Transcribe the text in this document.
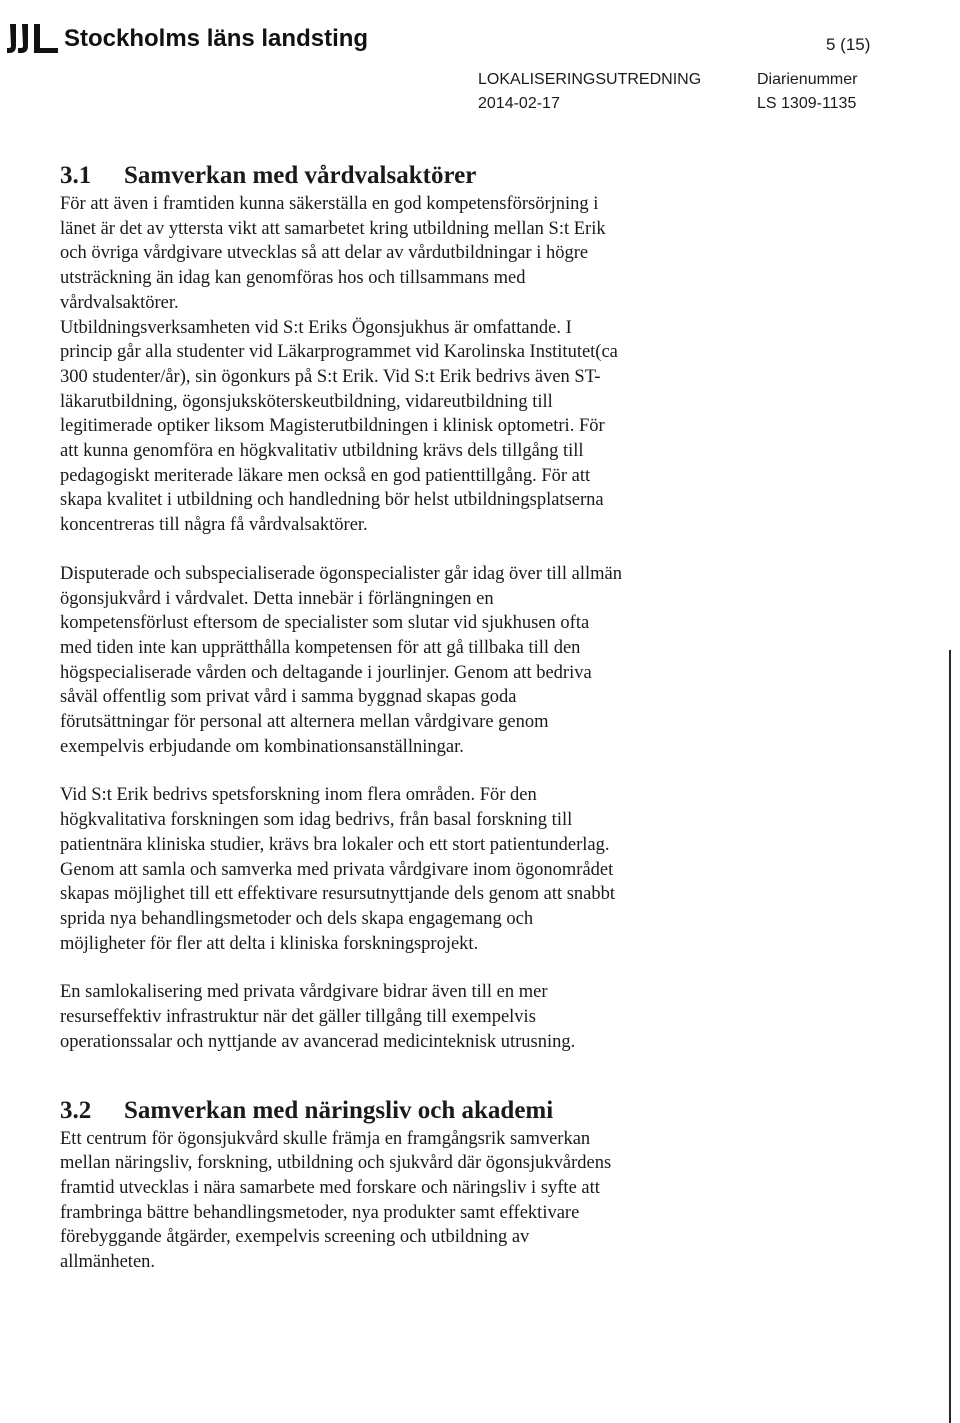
Stockholms läns landsting	5 (15)
LOKALISERINGSUTREDNING
2014-02-17
Diarienummer
LS 1309-1135
3.1 Samverkan med vårdvalsaktörer

För att även i framtiden kunna säkerställa en god kompetensförsörjning i
länet är det av yttersta vikt att samarbetet kring utbildning mellan S:t Erik
och övriga vårdgivare utvecklas så att delar av vårdutbildningar i högre
utsträckning än idag kan genomföras hos och tillsammans med
vårdvalsaktörer.
Utbildningsverksamheten vid S:t Eriks Ögonsjukhus är omfattande. I
princip går alla studenter vid Läkarprogrammet vid Karolinska Institutet(ca
300 studenter/år), sin ögonkurs på S:t Erik. Vid S:t Erik bedrivs även ST-
läkarutbildning, ögonsjuksköterskeutbildning, vidareutbildning till
legitimerade optiker liksom Magisterutbildningen i klinisk optometri. För
att kunna genomföra en högkvalitativ utbildning krävs dels tillgång till
pedagogiskt meriterade läkare men också en god patienttillgång. För att
skapa kvalitet i utbildning och handledning bör helst utbildningsplatserna
koncentreras till några få vårdvalsaktörer.

Disputerade och subspecialiserade ögonspecialister går idag över till allmän
ögonsjukvård i vårdvalet. Detta innebär i förlängningen en
kompetensförlust eftersom de specialister som slutar vid sjukhusen ofta
med tiden inte kan upprätthålla kompetensen för att gå tillbaka till den
högspecialiserade vården och deltagande i jourlinjer. Genom att bedriva
såväl offentlig som privat vård i samma byggnad skapas goda
förutsättningar för personal att alternera mellan vårdgivare genom
exempelvis erbjudande om kombinationsanställningar.

Vid S:t Erik bedrivs spetsforskning inom flera områden. För den
högkvalitativa forskningen som idag bedrivs, från basal forskning till
patientnära kliniska studier, krävs bra lokaler och ett stort patientunderlag.
Genom att samla och samverka med privata vårdgivare inom ögonområdet
skapas möjlighet till ett effektivare resursutnyttjande dels genom att snabbt
sprida nya behandlingsmetoder och dels skapa engagemang och
möjligheter för fler att delta i kliniska forskningsprojekt.

En samlokalisering med privata vårdgivare bidrar även till en mer
resurseffektiv infrastruktur när det gäller tillgång till exempelvis
operationssalar och nyttjande av avancerad medicinteknisk utrusning.

3.2 Samverkan med näringsliv och akademi

Ett centrum för ögonsjukvård skulle främja en framgångsrik samverkan
mellan näringsliv, forskning, utbildning och sjukvård där ögonsjukvårdens
framtid utvecklas i nära samarbete med forskare och näringsliv i syfte att
frambringa bättre behandlingsmetoder, nya produkter samt effektivare
förebyggande åtgärder, exempelvis screening och utbildning av
allmänheten.
